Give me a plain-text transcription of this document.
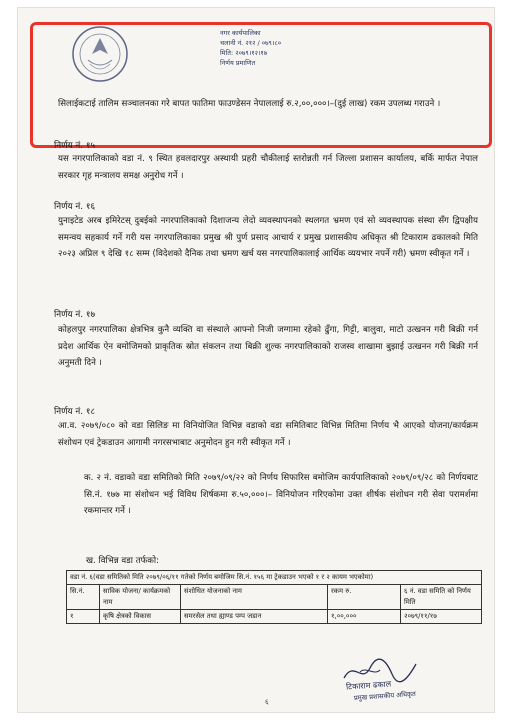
नगर कार्यपालिका
चलानी नं. २१२ / ०७९।८०
मिति: २०७९।१२।१७
निर्णय प्रमाणित
सिलाईकटाई तालिम सञ्चालनका गरे बापत फातिमा फाउण्डेसन नेपाललाई रु.२,००,०००।–(दुई लाख) रकम उपलब्ध गराउने ।
निर्णय नं. १५
यस नगरपालिकाको वडा नं. ९ स्थित हवलदारपुर अस्थायी प्रहरी चौकीलाई स्तरोन्नती गर्न जिल्ला प्रशासन कार्यालय, बर्कि मार्फत नेपाल सरकार गृह मन्त्रालय समक्ष अनुरोध गर्ने ।
निर्णय नं. १६
युनाइटेड अरब इमिरेटस् दुबईको नगरपालिकाको दिशाजन्य लेदो व्यवस्थापनको स्थलगत भ्रमण एवं सो व्यवस्थापक संस्था सँग द्विपक्षीय समन्वय सहकार्य गर्ने गरी यस नगरपालिकाका प्रमुख श्री पुर्ण प्रसाद आचार्य र प्रमुख प्रशासकीय अधिकृत श्री टिकाराम ढकालको मिति २०२३ अप्रिल ९ देखि १८ सम्म (विदेशको दैनिक तथा भ्रमण खर्च यस नगरपालिकालाई आर्थिक व्ययभार नपर्ने गरी) भ्रमण स्वीकृत गर्ने ।
निर्णय नं. १७
कोहलपुर नगरपालिका क्षेत्रभित्र कुनै व्यक्ति वा संस्थाले आफ्नो निजी जग्गामा रहेको ढुँगा, गिट्टी, बालुवा, माटो उत्खनन गरी बिक्री गर्न प्रदेश आर्थिक ऐन बमोजिमको प्राकृतिक स्रोत संकलन तथा बिक्री शुल्क नगरपालिकाको राजस्व शाखामा बुझाई उत्खनन गरी बिक्री गर्न अनुमती दिने ।
निर्णय नं. १८
आ.व. २०७९/०८० को वडा सिलिङ मा विनियोजित विभिन्न वडाको वडा समितिबाट विभिन्न मितिमा निर्णय भै आएको योजना/कार्यक्रम संशोधन एवं ट्रेकडाउन आगामी नगरसभाबाट अनुमोदन हुन गरी स्वीकृत गर्ने ।
क. २ नं. वडाको वडा समितिको मिति २०७९/०९/२२ को निर्णय सिफारिस बमोजिम कार्यपालिकाको २०७९/०९/२८ को निर्णयबाट सि.नं. १७७ मा संशोधन भई विविध शिर्षकमा रु.५०,०००।– विनियोजन गरिएकोमा उक्त शीर्षक संशोधन गरी सेवा परामर्शमा रकमान्तर गर्ने ।
ख. विभिन्न वडा तर्फको:
वडा नं. ६(वडा समितिको मिति २०७९/०६/११ गतेको निर्णय बमोजिम सि.नं. १५६ मा ट्रेकडाउन भएको १ र २ कायम भएकोमा)				
सि.नं.	साविक योजना/ कार्यक्रमको नाम	संशोधित योजनाको नाम	रकम रु.	६ नं. वडा समिति को निर्णय मिति
१	कृषि क्षेत्रको विकास	समरसेल तथा ह्याण्ड पम्प जडान	१,००,०००	२०७९/११/१७
टिकाराम ढकाल
प्रमुख प्रशासकीय अधिकृत
६
